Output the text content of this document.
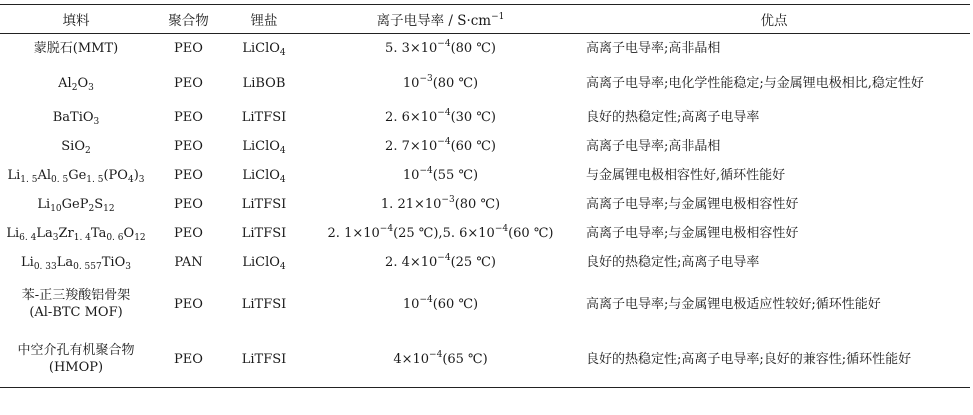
填料	聚合物	锂盐	离子电导率 / $S\cdot cm^{-1}$	优点
蒙脱石(MMT)	PEO	LiClO$_4$	5. $3\times 10^{-4}(80$ ℃)	高离子电导率;高非晶相
$Al_2O_3$	PEO	LiBOB	$10^{-3}(80$ ℃)	高离子电导率;电化学性能稳定;与金属锂电极相比,稳定性好
BaTiO$_3$	PEO	LiTFSI	2. $6\times 10^{-4}(30$ ℃)	良好的热稳定性;高离子电导率
SiO$_2$	PEO	LiClO$_4$	2. $7\times 10^{-4}(60$ ℃)	高离子电导率;高非晶相
$Li_{1. 5}Al_{0. 5}Ge_{1. 5}(PO_4)_3$	PEO	LiClO$_4$	$10^{-4}(55$ ℃)	与金属锂电极相容性好,循环性能好
$Li_{10}GeP_2S_{12}$	PEO	LiTFSI	1. $21\times 10^{-3}(80$ ℃)	高离子电导率;与金属锂电极相容性好
$Li_{6. 4}La_3Zr_{1. 4}Ta_{0. 6}O_{12}$	PEO	LiTFSI	2. $1\times 10^{-4}(25$ ℃),5. $6\times 10^{-4}(60$ ℃)	高离子电导率;与金属锂电极相容性好
$Li_{0. 33}La_{0. 557}TiO_3$	PAN	LiClO$_4$	2. $4\times 10^{-4}(25$ ℃)	良好的热稳定性;高离子电导率

苯-正三羧酸铝骨架
(Al-BTC MOF)	PEO	LiTFSI	$10^{-4}(60$ ℃)	高离子电导率;与金属锂电极适应性较好;循环性能好

中空介孔有机聚合物
(HMOP)	PEO	LiTFSI	$4\times 10^{-4}(65$ ℃)	良好的热稳定性;高离子电导率;良好的兼容性;循环性能好
